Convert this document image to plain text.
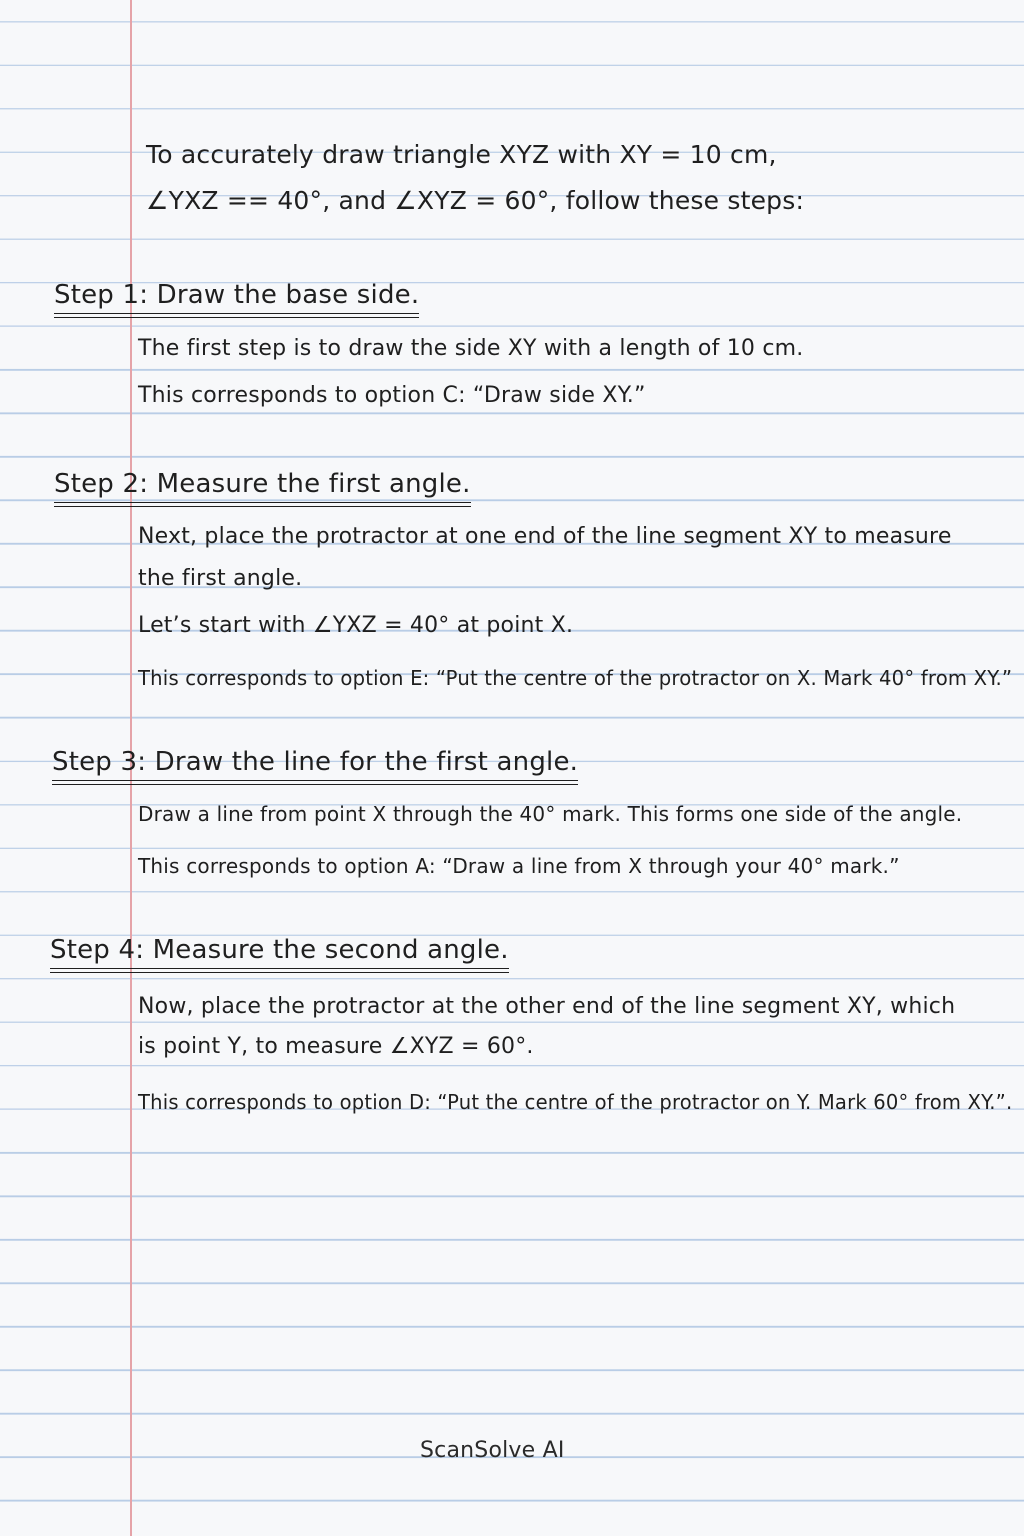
To accurately draw triangle XYZ with XY = 10 cm,
∠YXZ == 40°, and ∠XYZ = 60°, follow these steps:
Step 1: Draw the base side.
The first step is to draw the side XY with a length of 10 cm.
This corresponds to option C: “Draw side XY.”
Step 2: Measure the first angle.
Next, place the protractor at one end of the line segment XY to measure
the first angle.
Let’s start with ∠YXZ = 40° at point X.
This corresponds to option E: “Put the centre of the protractor on X. Mark 40° from XY.”
Step 3: Draw the line for the first angle.
Draw a line from point X through the 40° mark. This forms one side of the angle.
This corresponds to option A: “Draw a line from X through your 40° mark.”
Step 4: Measure the second angle.
Now, place the protractor at the other end of the line segment XY, which
is point Y, to measure ∠XYZ = 60°.
This corresponds to option D: “Put the centre of the protractor on Y. Mark 60° from XY.”.
ScanSolve AI
